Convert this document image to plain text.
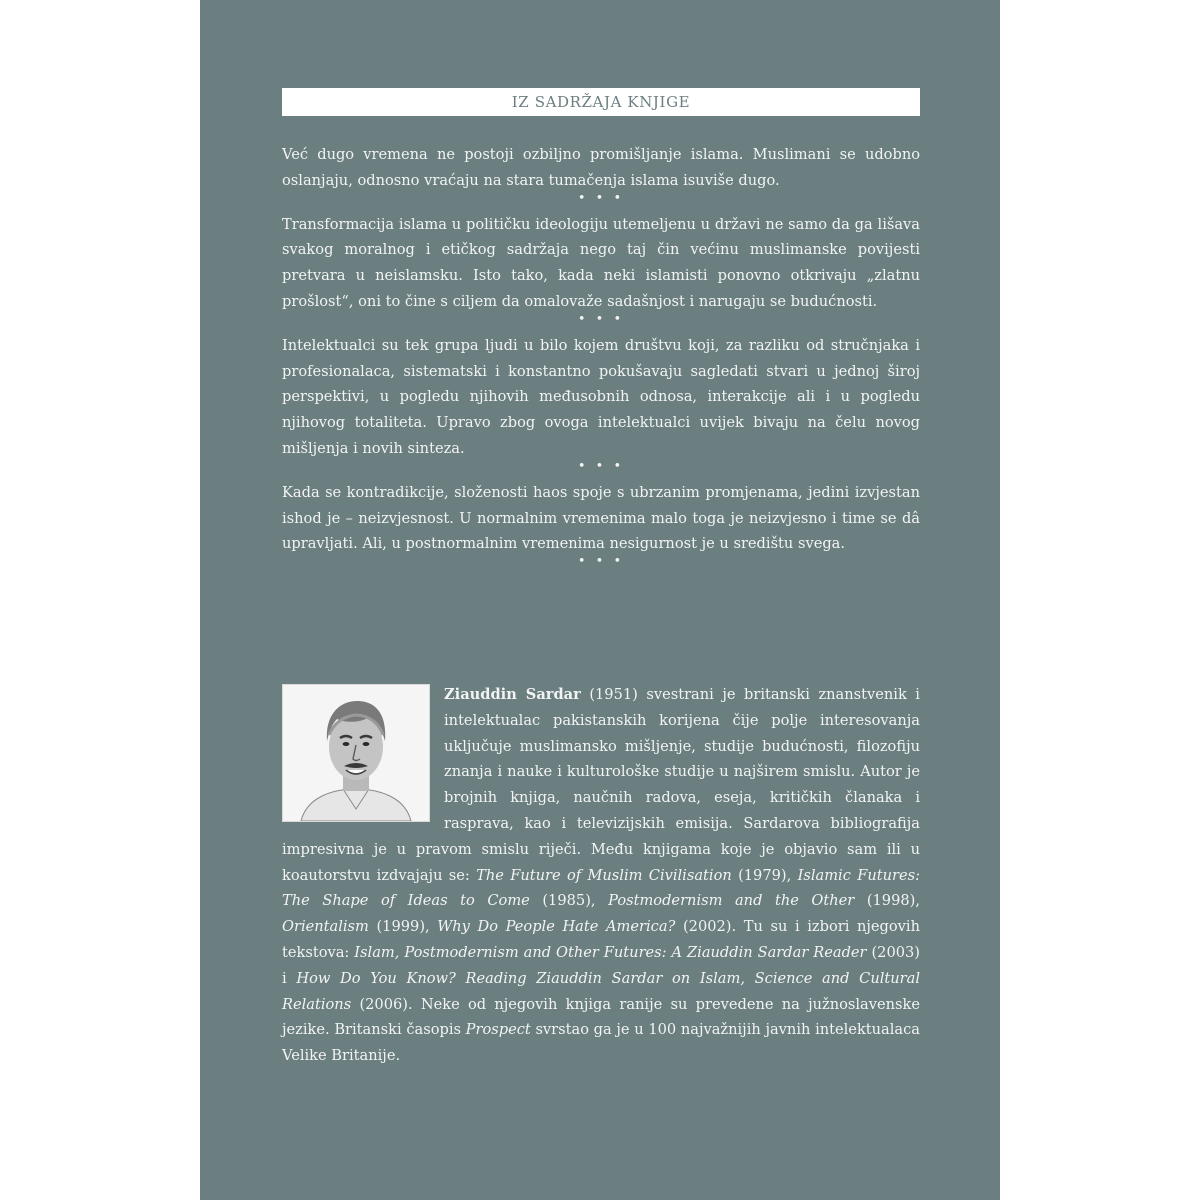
IZ SADRŽAJA KNJIGE

Već dugo vremena ne postoji ozbiljno promišljanje islama. Muslimani se udobno oslanjaju, odnosno vraćaju na stara tumačenja islama isuviše dugo.

• • •

Transformacija islama u političku ideologiju utemeljenu u državi ne samo da ga lišava svakog moralnog i etičkog sadržaja nego taj čin većinu muslimanske povijesti pretvara u neislamsku. Isto tako, kada neki islamisti ponovno otkrivaju „zlatnu prošlost“, oni to čine s ciljem da omalovaže sadašnjost i narugaju se budućnosti.

• • •

Intelektualci su tek grupa ljudi u bilo kojem društvu koji, za razliku od stručnjaka i profesionalaca, sistematski i konstantno pokušavaju sagledati stvari u jednoj široj perspektivi, u pogledu njihovih međusobnih odnosa, interakcije ali i u pogledu njihovog totaliteta. Upravo zbog ovoga intelektualci uvijek bivaju na čelu novog mišljenja i novih sinteza.

• • •

Kada se kontradikcije, složenosti haos spoje s ubrzanim promjenama, jedini izvjestan ishod je – neizvjesnost. U normalnim vremenima malo toga je neizvjesno i time se dâ upravljati. Ali, u postnormalnim vremenima nesigurnost je u središtu svega.

• • •

Ziauddin Sardar (1951) svestrani je britanski znanstvenik i intelektualac pakistanskih korijena čije polje interesovanja uključuje muslimansko mišljenje, studije budućnosti, filozofiju znanja i nauke i kulturološke studije u najširem smislu. Autor je brojnih knjiga, naučnih radova, eseja, kritičkih članaka i rasprava, kao i televizijskih emisija. Sardarova bibliografija impresivna je u pravom smislu riječi. Među knjigama koje je objavio sam ili u koautorstvu izdvajaju se: The Future of Muslim Civilisation (1979), Islamic Futures: The Shape of Ideas to Come (1985), Postmodernism and the Other (1998), Orientalism (1999), Why Do People Hate America? (2002). Tu su i izbori njegovih tekstova: Islam, Postmodernism and Other Futures: A Ziauddin Sardar Reader (2003) i How Do You Know? Reading Ziauddin Sardar on Islam, Science and Cultural Relations (2006). Neke od njegovih knjiga ranije su prevedene na južnoslavenske jezike. Britanski časopis Prospect svrstao ga je u 100 najvažnijih javnih intelektualaca Velike Britanije.
